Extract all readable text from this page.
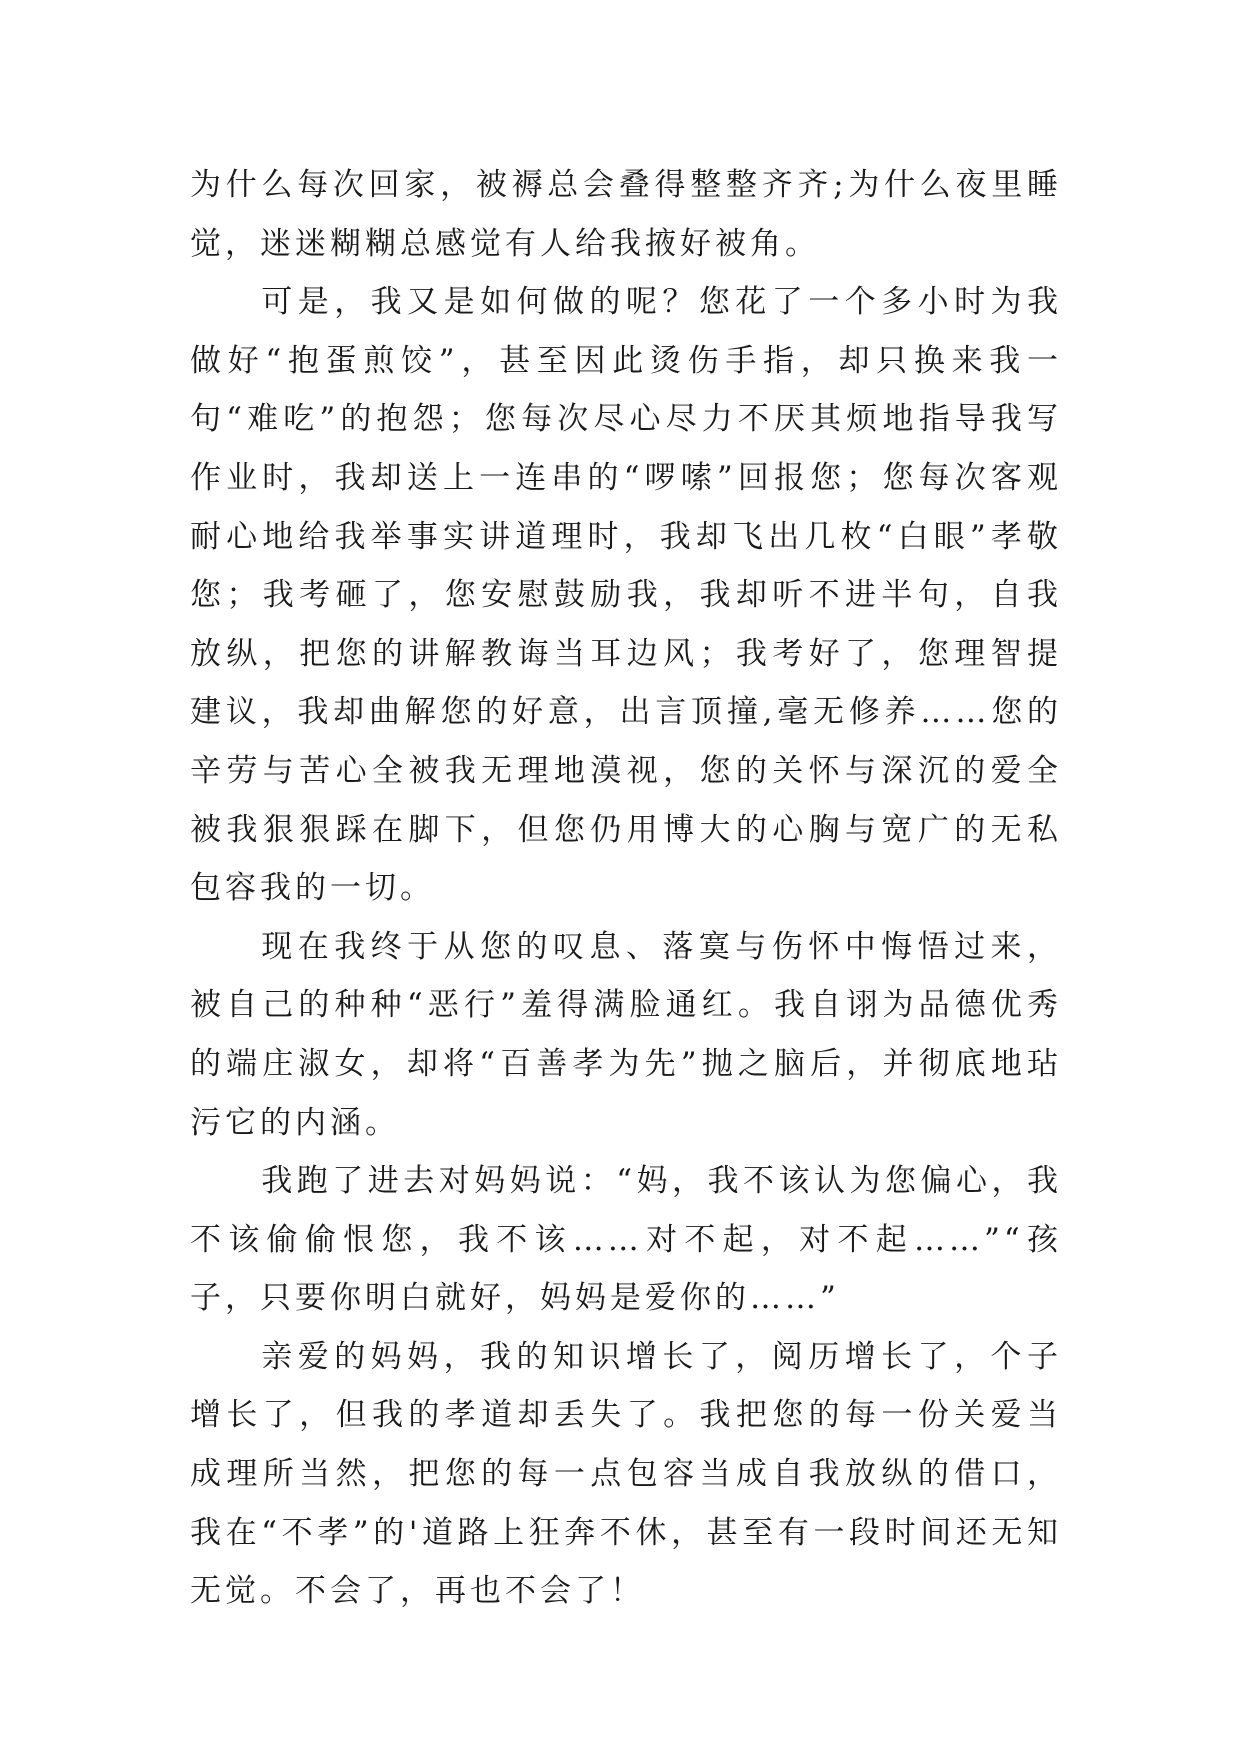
为什么每次回家，被褥总会叠得整整齐齐;为什么夜里睡觉，迷迷糊糊总感觉有人给我掖好被角。

可是，我又是如何做的呢？您花了一个多小时为我做好“抱蛋煎饺”，甚至因此烫伤手指，却只换来我一句“难吃”的抱怨；您每次尽心尽力不厌其烦地指导我写作业时，我却送上一连串的“啰嗦”回报您；您每次客观耐心地给我举事实讲道理时，我却飞出几枚“白眼”孝敬您；我考砸了，您安慰鼓励我，我却听不进半句，自我放纵，把您的讲解教诲当耳边风；我考好了，您理智提建议，我却曲解您的好意，出言顶撞,毫无修养……您的辛劳与苦心全被我无理地漠视，您的关怀与深沉的爱全被我狠狠踩在脚下，但您仍用博大的心胸与宽广的无私包容我的一切。

现在我终于从您的叹息、落寞与伤怀中悔悟过来，被自己的种种“恶行”羞得满脸通红。我自诩为品德优秀的端庄淑女，却将“百善孝为先”抛之脑后，并彻底地玷污它的内涵。

我跑了进去对妈妈说：“妈，我不该认为您偏心，我不该偷偷恨您，我不该……对不起，对不起……”“孩子，只要你明白就好，妈妈是爱你的……”

亲爱的妈妈，我的知识增长了，阅历增长了，个子增长了，但我的孝道却丢失了。我把您的每一份关爱当成理所当然，把您的每一点包容当成自我放纵的借口，我在“不孝”的'道路上狂奔不休，甚至有一段时间还无知无觉。不会了，再也不会了！
